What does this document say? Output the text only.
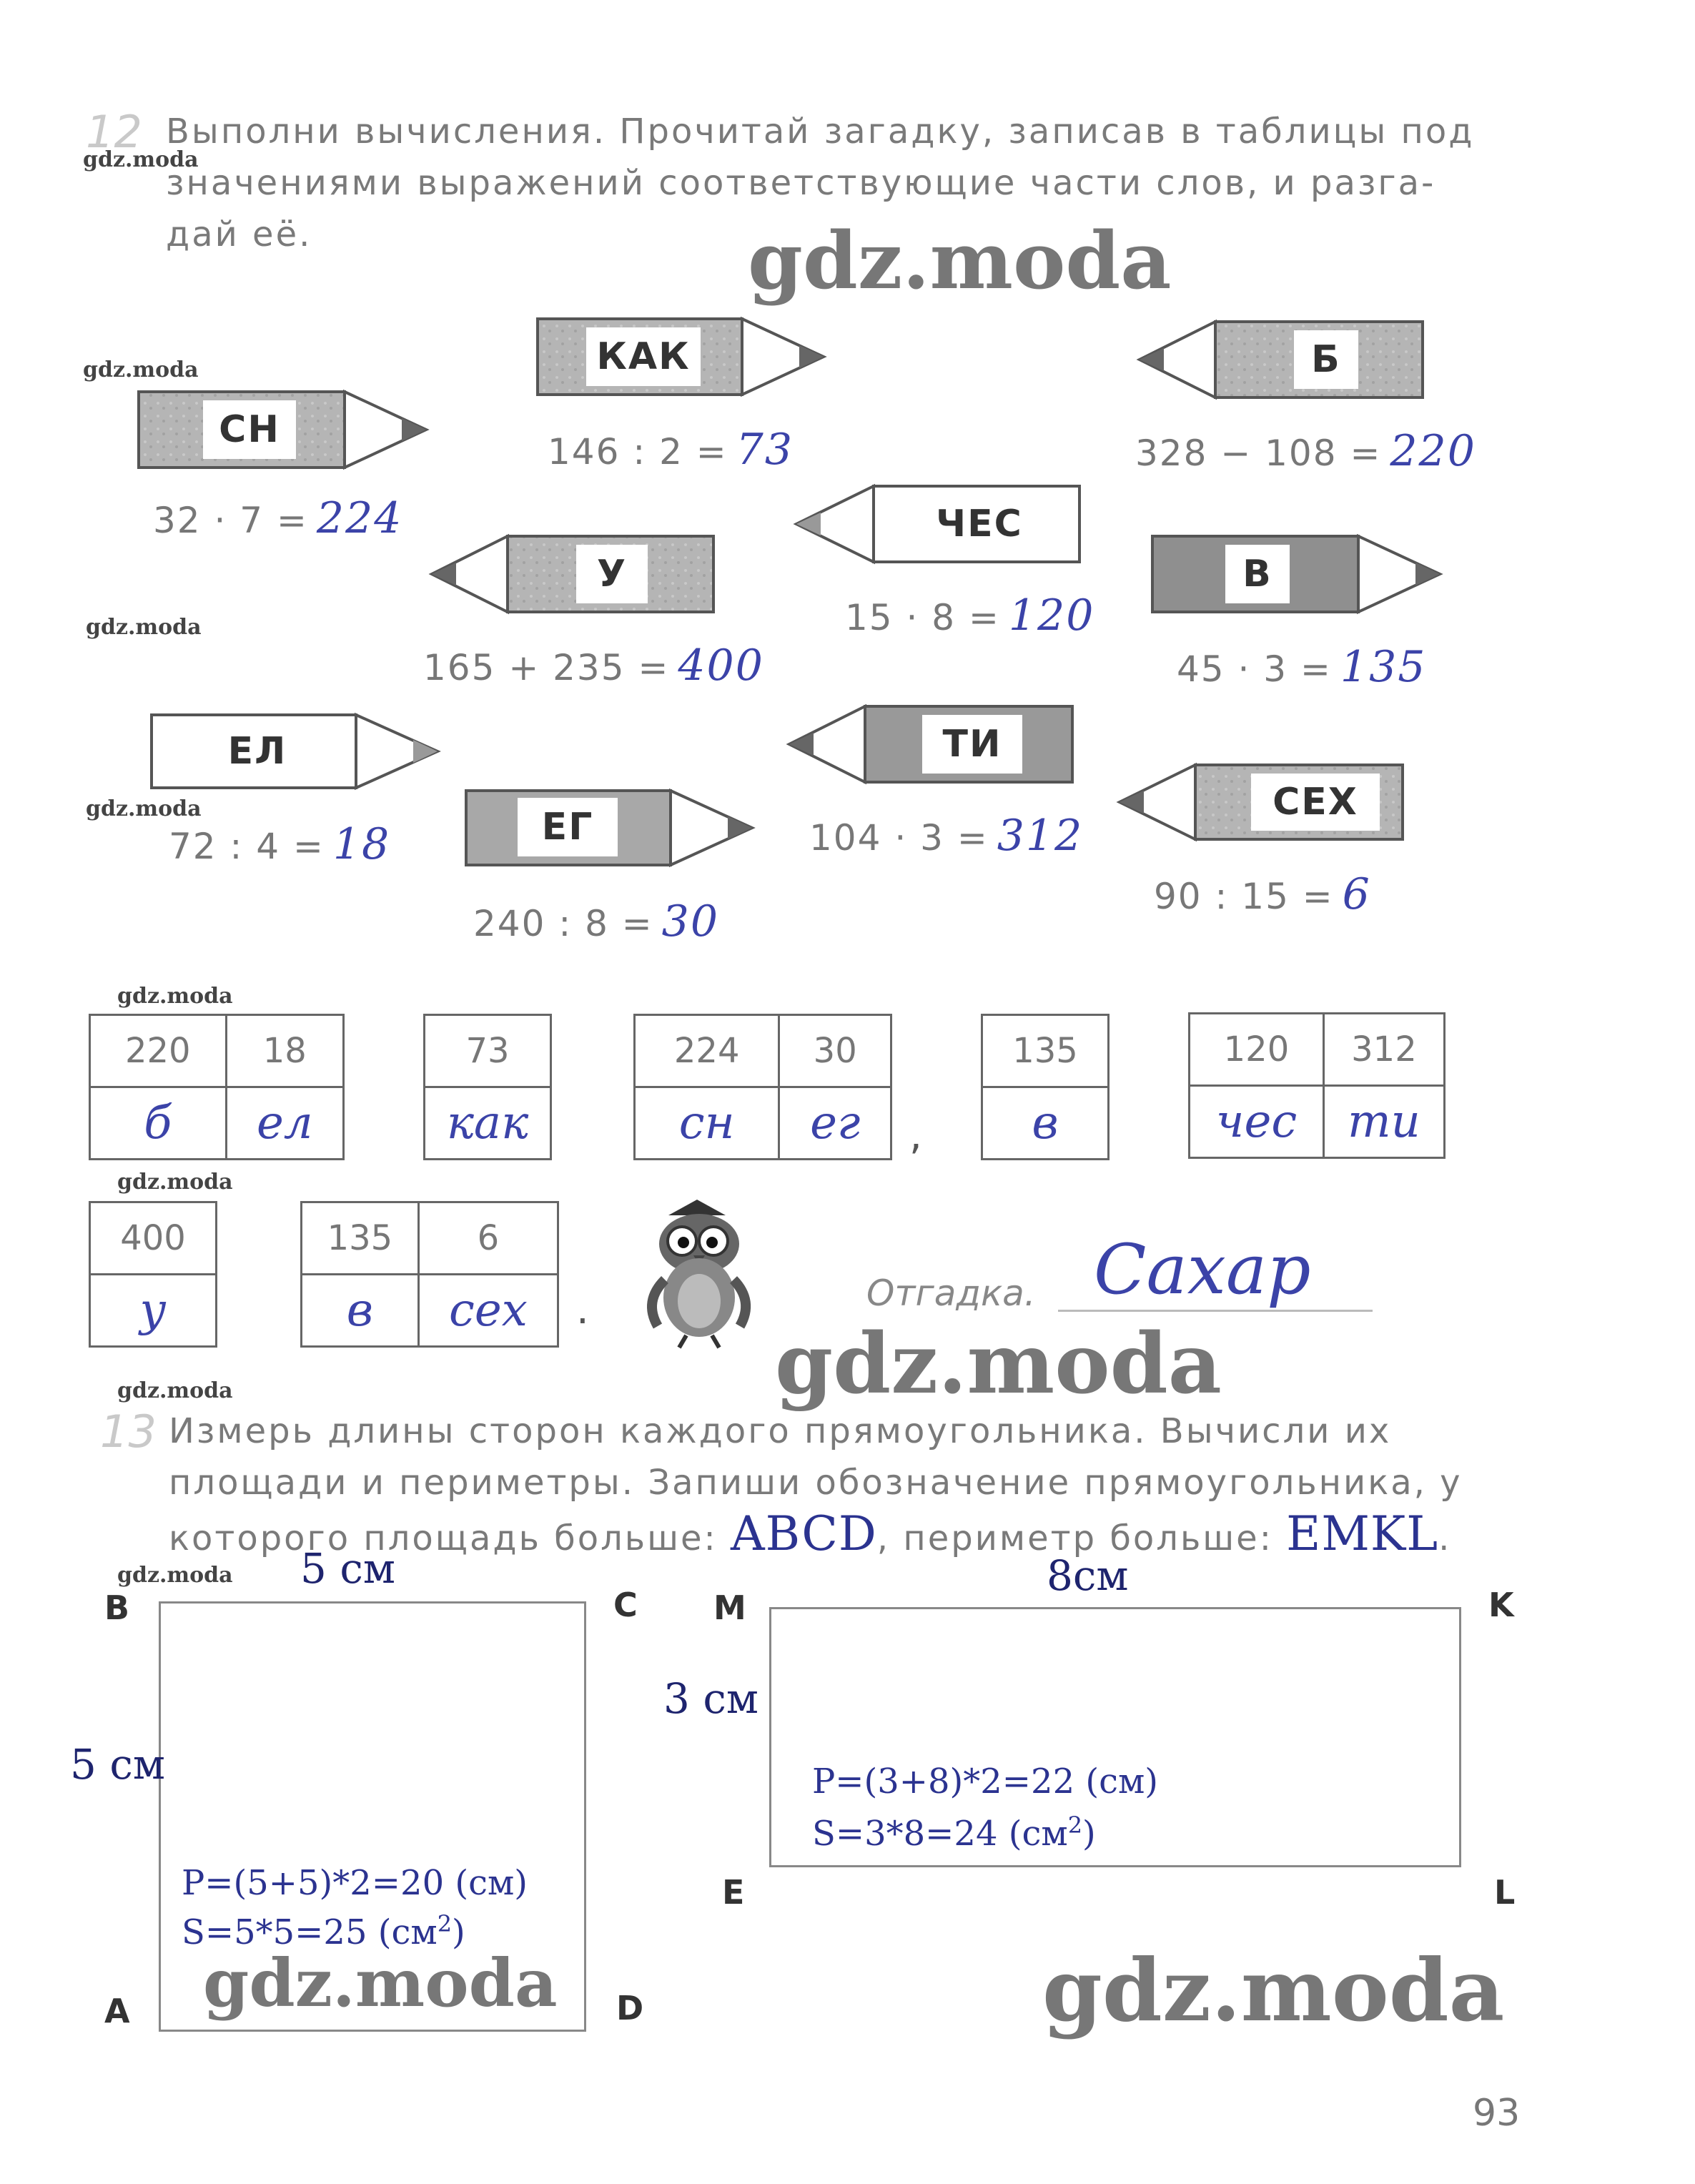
12 Выполни вычисления. Прочитай загадку, записав в таблицы под
значениями выражений соответствующие части слов, и разга-
дай её.
СН
КАК	Б
ЧЕС
У	В
ЕЛ
ЕГ
ТИ
СЕХ
32 · 7 = 224
146 : 2 = 73	328 − 108 = 220
15 · 8 = 120
165 + 235 = 400	45 · 3 = 135
72 : 4 = 18
240 : 8 = 30
104 · 3 = 312
90 : 15 = 6
220	18
б	ел
73
как
224	30
сн	ег ,
135
в
120	312
чес	ти
400
у
135	6
в	сех .	Отгадка. Сахар
13 Измерь длины сторон каждого прямоугольника. Вычисли их
площади и периметры. Запиши обозначение прямоугольника, у
которого площадь больше: ABCD, периметр больше: EMKL.
B	C
A	D
5 см
5 см
P=(5+5)*2=20 (см)
S=5*5=25 $(см^2)$
M	K
E	L
8см
3 см
P=(3+8)*2=22 (см)
S=3*8=24 $(см^2)$
93
gdz.moda
gdz.moda
gdz.moda
gdz.moda
gdz.moda
gdz.moda
gdz.moda
gdz.moda
gdz.moda
gdz.moda
gdz.moda	gdz.moda
